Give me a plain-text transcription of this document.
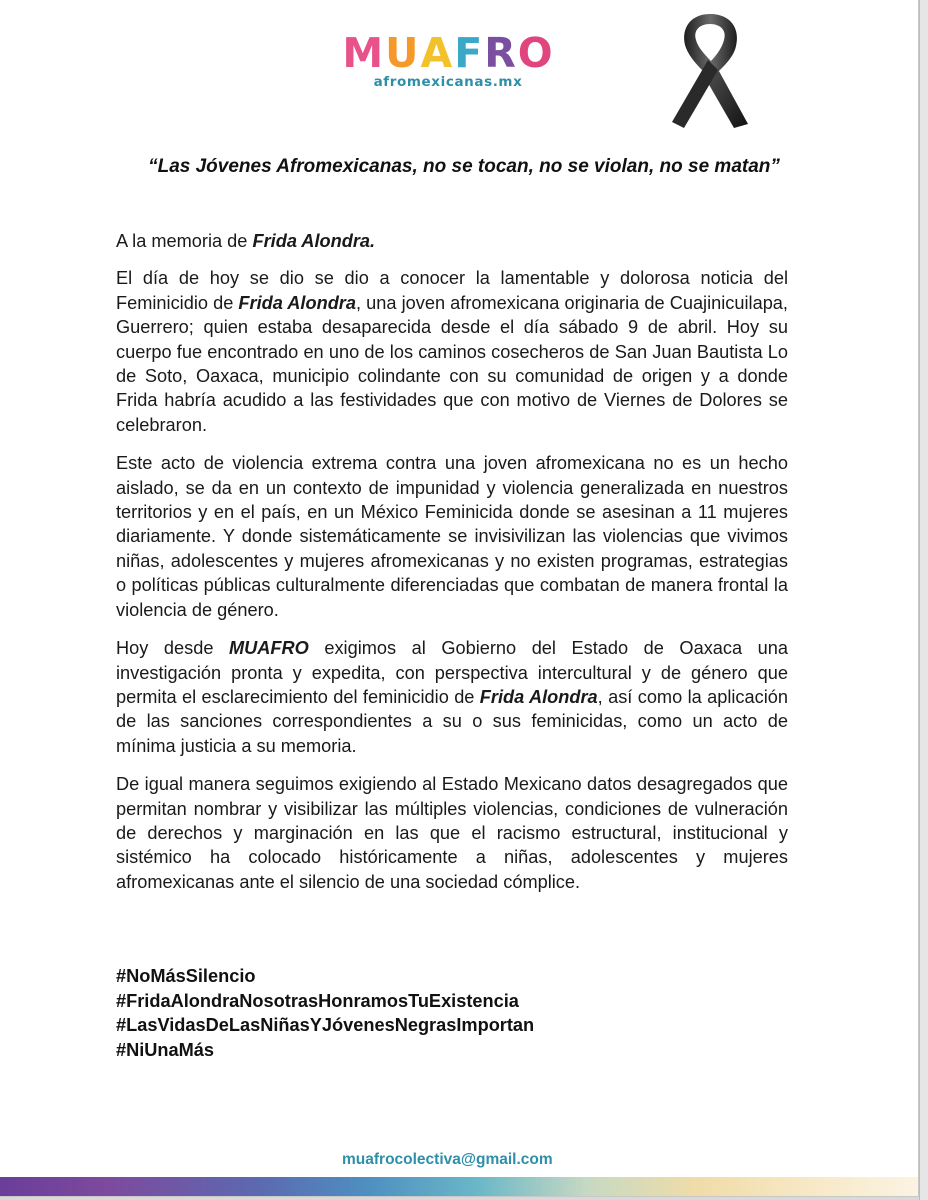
M U A F R O
afromexicanas.mx
“Las Jóvenes Afromexicanas, no se tocan, no se violan, no se matan”

A la memoria de Frida Alondra.

El día de hoy se dio se dio a conocer la lamentable y dolorosa noticia del Feminicidio de Frida Alondra, una joven afromexicana originaria de Cuajinicuilapa, Guerrero; quien estaba desaparecida desde el día sábado 9 de abril. Hoy su cuerpo fue encontrado en uno de los caminos cosecheros de San Juan Bautista Lo de Soto, Oaxaca, municipio colindante con su comunidad de origen y a donde Frida habría acudido a las festividades que con motivo de Viernes de Dolores se celebraron.

Este acto de violencia extrema contra una joven afromexicana no es un hecho aislado, se da en un contexto de impunidad y violencia generalizada en nuestros territorios y en el país, en un México Feminicida donde se asesinan a 11 mujeres diariamente. Y donde sistemáticamente se invisivilizan las violencias que vivimos niñas, adolescentes y mujeres afromexicanas y no existen programas, estrategias o políticas públicas culturalmente diferenciadas que combatan de manera frontal la violencia de género.

Hoy desde MUAFRO exigimos al Gobierno del Estado de Oaxaca una investigación pronta y expedita, con perspectiva intercultural y de género que permita el esclarecimiento del feminicidio de Frida Alondra, así como la aplicación de las sanciones correspondientes a su o sus feminicidas, como un acto de mínima justicia a su memoria.

De igual manera seguimos exigiendo al Estado Mexicano datos desagregados que permitan nombrar y visibilizar las múltiples violencias, condiciones de vulneración de derechos y marginación en las que el racismo estructural, institucional y sistémico ha colocado históricamente a niñas, adolescentes y mujeres afromexicanas ante el silencio de una sociedad cómplice.

#NoMásSilencio
#FridaAlondraNosotrasHonramosTuExistencia
#LasVidasDeLasNiñasYJóvenesNegrasImportan
#NiUnaMás
muafrocolectiva@gmail.com
